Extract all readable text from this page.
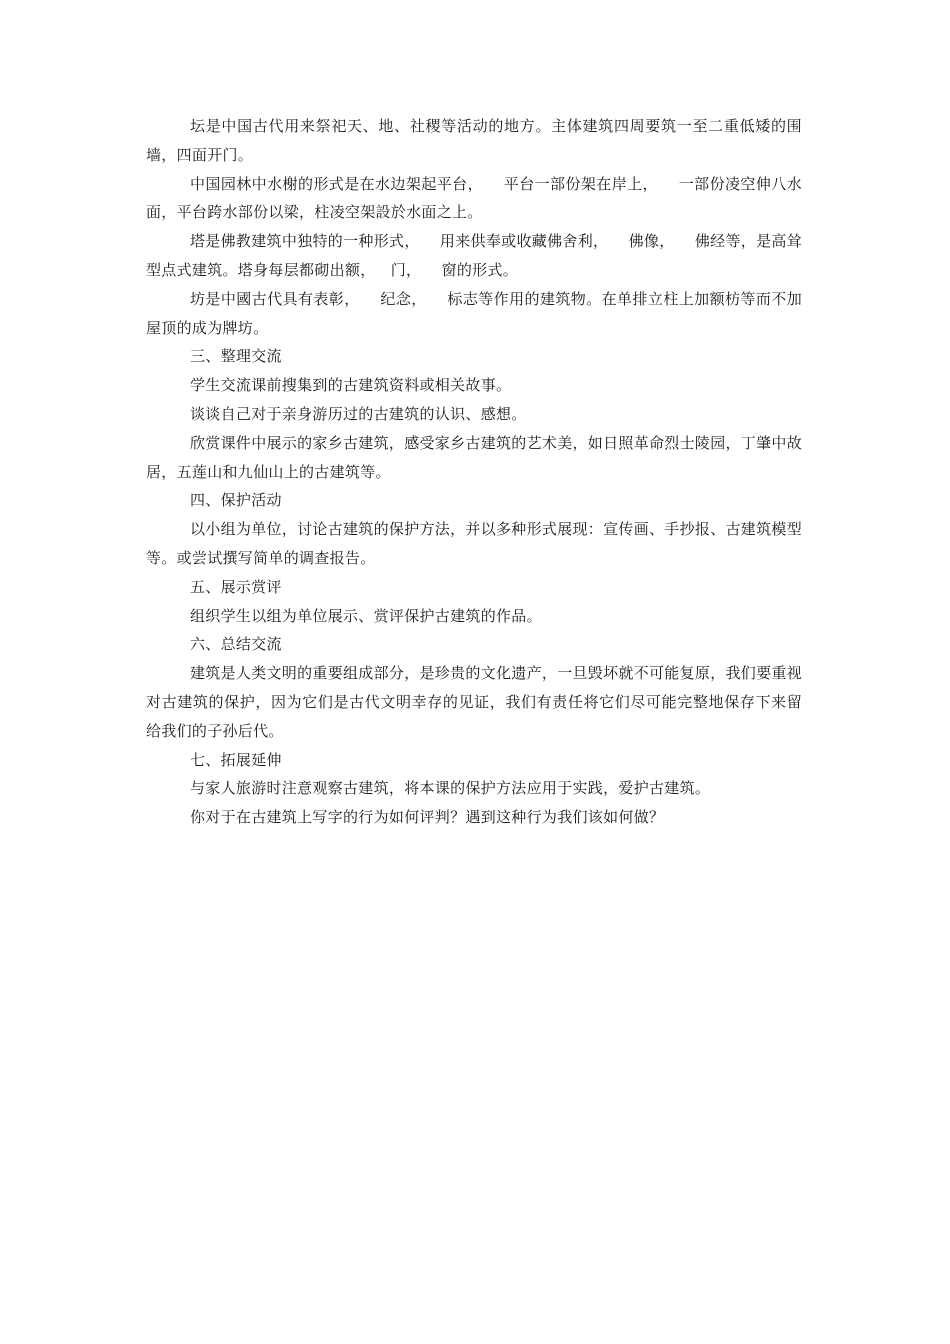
坛是中国古代用来祭祀天、地、社稷等活动的地方。主体建筑四周要筑一至二重低矮的围墙，四面开门。

中国园林中水榭的形式是在水边架起平台，    平台一部份架在岸上，    一部份凌空伸八水面，平台跨水部份以梁，柱凌空架設於水面之上。

塔是佛教建筑中独特的一种形式，    用来供奉或收藏佛舍利，    佛像，    佛经等，是高耸型点式建筑。塔身每层都砌出额，   门，    窗的形式。

坊是中國古代具有表彰，    纪念，    标志等作用的建筑物。在单排立柱上加额枋等而不加屋顶的成为牌坊。

三、整理交流

学生交流课前搜集到的古建筑资料或相关故事。

谈谈自己对于亲身游历过的古建筑的认识、感想。

欣赏课件中展示的家乡古建筑，感受家乡古建筑的艺术美，如日照革命烈士陵园，丁肇中故居，五莲山和九仙山上的古建筑等。

四、保护活动

以小组为单位，讨论古建筑的保护方法，并以多种形式展现：宣传画、手抄报、古建筑模型等。或尝试撰写简单的调查报告。

五、展示赏评

组织学生以组为单位展示、赏评保护古建筑的作品。

六、总结交流

建筑是人类文明的重要组成部分，是珍贵的文化遗产，一旦毁坏就不可能复原，我们要重视对古建筑的保护，因为它们是古代文明幸存的见证，我们有责任将它们尽可能完整地保存下来留给我们的子孙后代。

七、拓展延伸

与家人旅游时注意观察古建筑，将本课的保护方法应用于实践，爱护古建筑。

你对于在古建筑上写字的行为如何评判？遇到这种行为我们该如何做？
